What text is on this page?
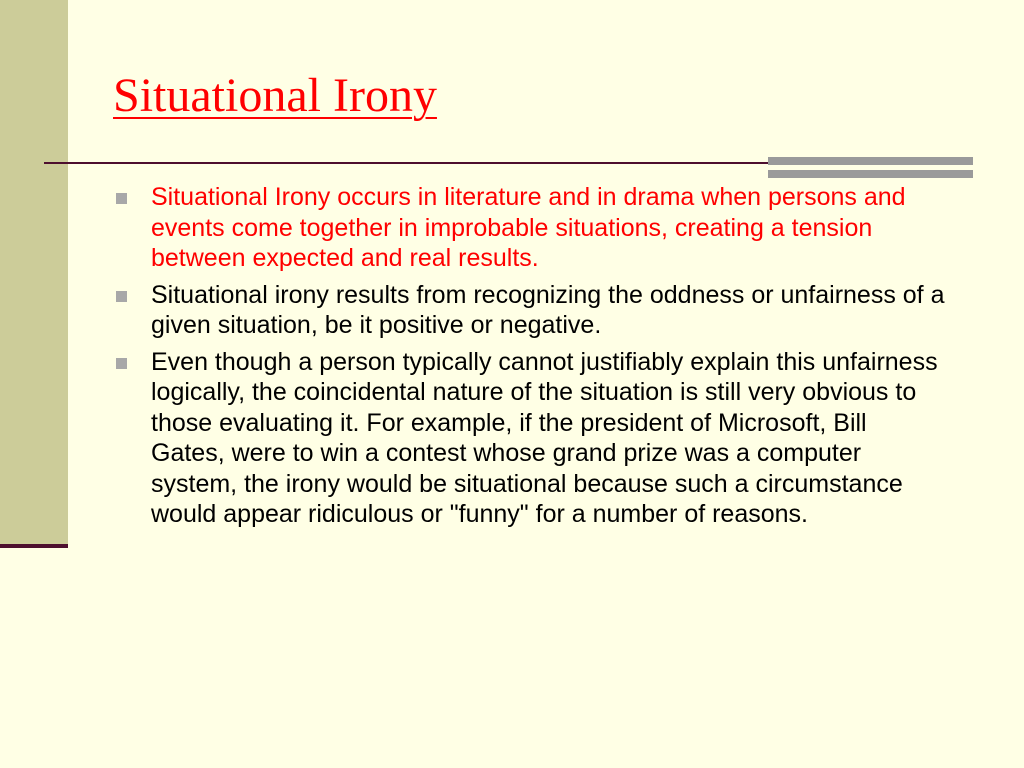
Situational Irony
Situational Irony occurs in literature and in drama when persons and events come together in improbable situations, creating a tension between expected and real results.
Situational irony results from recognizing the oddness or unfairness of a given situation, be it positive or negative.
Even though a person typically cannot justifiably explain this unfairness logically, the coincidental nature of the situation is still very obvious to those evaluating it. For example, if the president of Microsoft, Bill Gates, were to win a contest whose grand prize was a computer system, the irony would be situational because such a circumstance would appear ridiculous or "funny" for a number of reasons.
